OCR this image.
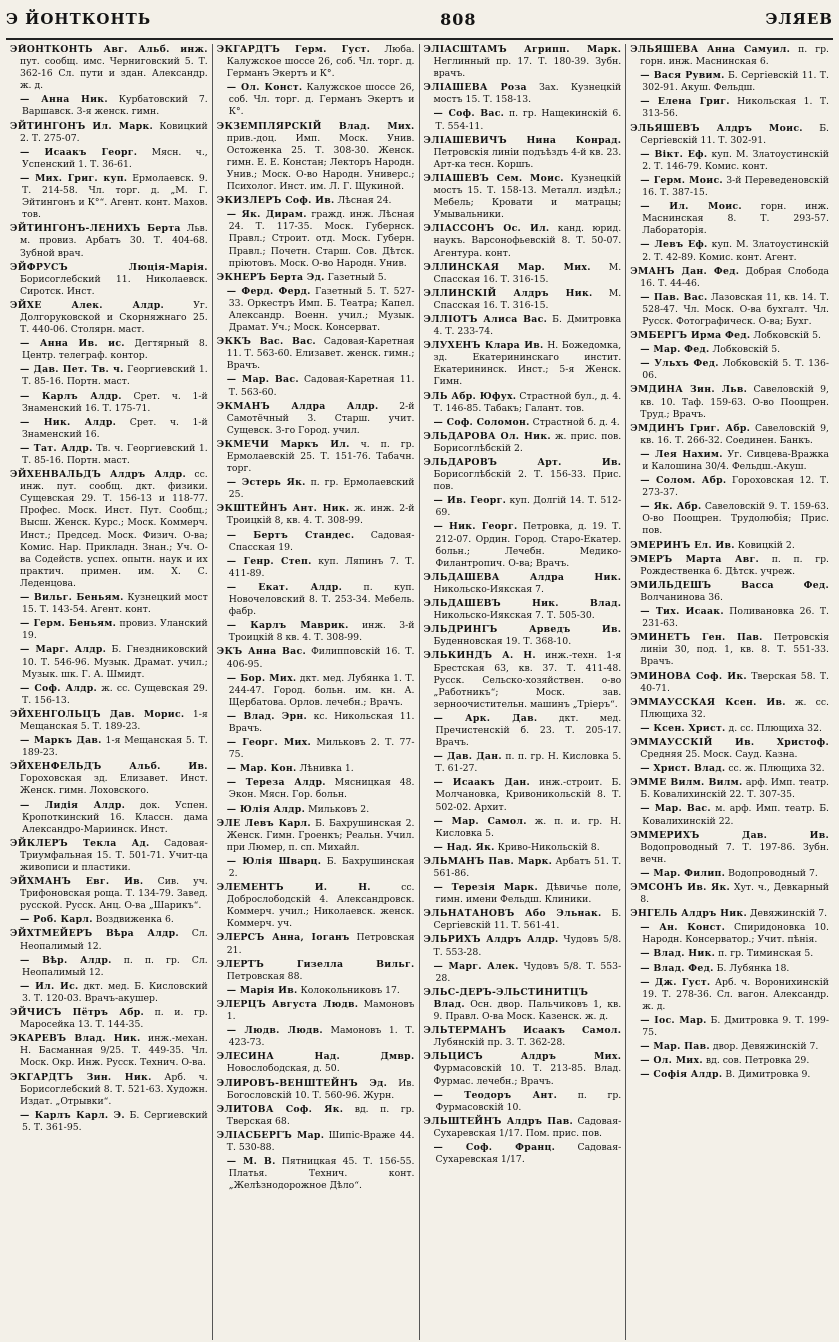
Э ЙОНТКОНТЬ	808	ЭЛЯЕВ

ЭЙОНТКОНТЬ Авг. Альб. инж. пут. сообщ. имс. Черниговский 5. Т. 362-16 Сл. пути и здан. Александр. ж. д.

— Анна Ник. Курбатовский 7. Варшавск. 3-я женск. гимн.

ЭЙТИНГОНЪ Ил. Марк. Ковицкий 2. Т. 275-07.

— Исаакъ Георг. Мясн. ч., Успенский 1. Т. 36-61.

— Мих. Григ. куп. Ермолаевск. 9. Т. 214-58. Чл. торг. д. „М. Г. Эйтингонъ и К°“. Агент. конт. Махов. тов.

ЭЙТИНГОНЪ-ЛЕНИХЪ Берта Льв. м. провиз. Арбатъ 30. Т. 404-68. Зубной врач.

ЭЙФРУСЪ Люція-Марія. Борисоглебский 11. Николаевск. Сиротск. Инст.

ЭЙХЕ Алек. Алдр.	Уг. Долгоруковской и Скорняжнаго 25. Т. 440-06. Столярн. маст.

— Анна Ив. ис. Дегтярный 8. Центр. телеграф. контор.

— Дав. Пет. Тв. ч. Георгиевский 1. Т. 85-16. Портн. маст.

— Карлъ Алдр. Срет. ч. 1-й Знаменский 16. Т. 175-71.

— Ник. Алдр. Срет. ч. 1-й Знаменский 16.

— Тат. Алдр. Тв. ч. Георгиевский 1. Т. 85-16. Портн. маст.

ЭЙХЕНВАЛЬДЪ Алдръ Алдр. сс. инж. пут. сообщ. дкт. физики. Сущевская 29. Т. 156-13 и 118-77. Профес. Моск. Инст. Пут. Сообщ.; Высш. Женск. Курс.; Моск. Коммерч. Инст.; Председ. Моск. Физич. О-ва; Комис. Нар. Прикладн. Знан.; Уч. О-ва Содейств. успех. опытн. наук и их практич. примен. им. Х. С. Леденцова.

— Вильг. Беньям. Кузнецкий мост 15. Т. 143-54. Агент. конт.

— Герм. Беньям. провиз. Уланский 19.

— Марг. Алдр. Б. Гнездниковский 10. Т. 546-96. Музык. Драмат. учил.; Музык. шк. Г. А. Шмидт.

— Соф. Алдр. ж. сс. Сущевская 29. Т. 156-13.

ЭЙХЕНГОЛЬЦЪ Дав. Морис. 1-я Мещанская 5. Т. 189-23.

— Маркъ Дав. 1-я Мещанская 5. Т. 189-23.

ЭЙХЕНФЕЛЬДЪ Альб. Ив. Гороховская зд. Елизавет. Инст. Женск. гимн. Лоховского.

— Лидія Алдр. док. Успен. Кропоткинский 16. Классн. дама Александро-Мариинск. Инст.

ЭЙКЛЕРЪ Текла Ад. Садовая-Триумфальная 15. Т. 501-71. Учит-ца живописи и пластики.

ЭЙХМАНЪ Евг. Ив. Сив. уч. Трифоновская роща. Т. 134-79. Завед. русской. Русск. Анц. О-ва „Шарикъ“.

— Роб. Карл. Воздвиженка 6.

ЭЙХТМЕЙЕРЪ Вѣра Алдр. Сл. Неопалимый 12.

— Вѣр. Алдр. п. п. гр. Сл. Неопалимый 12.

— Ил. Ис. дкт. мед. Б. Кисловский 3. Т. 120-03. Врачъ-акушер.

ЭЙЧИСЪ Пётръ Абр. п. и. гр. Маросейка 13. Т. 144-35.

ЭКАРЕВЪ Влад. Ник. инж.-механ. Н. Басманная 9/25. Т. 449-35. Чл. Моск. Окр. Инж. Русск. Технич. О-ва.

ЭКГАРДТЪ Зин. Ник. Арб. ч. Борисоглебский 8. Т. 521-63. Художн. Издат. „Отрывки“.

— Карлъ Карл. Э. Б. Сергиевский 5. Т. 361-95.

ЭКГАРДТЪ Герм. Густ. Люба. Калужское шоссе 26, соб. Чл. торг. д. Германъ Экертъ и К°.

— Ол. Конст. Калужское шоссе 26, соб. Чл. торг. д. Германъ Экертъ и К°.

ЭКЗЕМПЛЯРСКІЙ Влад. Мих. прив.-доц. Имп. Моск. Унив. Остоженка 25. Т. 308-30. Женск. гимн. Е. Е. Констан; Лекторъ Народн. Унив.; Моск. О-во Народн. Универс.; Психолог. Инст. им. Л. Г. Щукиной.

ЭКИЗЛЕРЪ Соф. Ив. Лѣсная 24.

— Як. Дирам. гражд. инж. Лѣсная 24. Т. 117-35. Моск. Губернск. Правл.; Строит. отд. Моск. Губерн. Правл.; Почетн. Старш. Сов. Дѣтск. пріютовъ. Моск. О-во Народн. Унив.

ЭКНЕРЪ Берта Эд. Газетный 5.

— Ферд. Ферд. Газетный 5. Т. 527-33. Оркестръ Имп. Б. Театра; Капел. Александр. Военн. учил.; Музык. Драмат. Уч.; Моск. Консерват.

ЭККЪ Вас. Вас. Садовая-Каретная 11. Т. 563-60. Елизавет. женск. гимн.; Врачъ.

— Мар. Вас. Садовая-Каретная 11. Т. 563-60.

ЭКМАНЪ Алдра Алдр. 2-й Самотёчный 3. Старш. учит. Сущевск. 3-го Город. учил.

ЭКМЕЧИ Маркъ Ил. ч. п. гр. Ермолаевскій 25. Т. 151-76. Табачн. торг.

— Эстерь Як. п. гр. Ермолаевский 25.

ЭКШТЕЙНЪ Ант. Ник. ж. инж. 2-й Троицкій 8, кв. 4. Т. 308-99.

— Бертъ Стандес. Садовая-Спасская 19.

— Генр. Степ. куп. Ляпинъ 7. Т. 411-89.

— Екат. Алдр. п. куп. Новочеловский 8. Т. 253-34. Мебель. фабр.

— Карлъ Маврик. инж. 3-й Троицкій 8 кв. 4. Т. 308-99.

ЭКЪ Анна Вас. Филипповскій 16. Т. 406-95.

— Бор. Мих. дкт. мед. Лубянка 1. Т. 244-47. Город. больн. им. кн. А. Щербатова. Орлов. лечебн.; Врачъ.

— Влад. Эрн. кс. Никольская 11. Врачъ.

— Георг. Мих. Мильковъ 2. Т. 77-75.

— Мар. Кон. Лѣнивка 1.

— Тереза Алдр. Мясницкая 48. Экон. Мясн. Гор. больн.

— Юлія Алдр. Мильковъ 2.

ЭЛЕ Левъ Карл. Б. Бахрушинская 2. Женск. Гимн. Гроенкъ; Реальн. Учил. при Люмер, п. сп. Михайл.

— Юлія Шварц. Б. Бахрушинская 2.

ЭЛЕМЕНТЪ И. Н.	сс. Доброслободскій 4. Александровск. Коммерч. учил.; Николаевск. женск. Коммерч. уч.

ЭЛЕРСЪ Анна, Іоганъ Петровская 21.

ЭЛЕРТЪ Гизелла Вильг. Петровская 88.

— Марія Ив. Колокольниковъ 17.

ЭЛЕРЦЪ Августа Людв. Мамоновъ 1.

— Людв. Людв. Мамоновъ 1. Т. 423-73.

ЭЛЕСИНА Над. Дмвр. Новослободская, д. 50.

ЭЛИРОВЪ-ВЕНШТЕЙНЪ Эд. Ив. Богословскій 10. Т. 560-96. Журн.

ЭЛИТОВА Соф. Як. вд. п. гр. Тверская 68.

ЭЛІАСБЕРГЪ Мар. Шипіс-Враже 44. Т. 530-88.

— М. В. Пятницкая 45. Т. 156-55. Платья. Технич. конт. „Желѣзнодорожное Дѣло“.

ЭЛІАСШТАМЪ Агрипп. Марк. Неглинный пр. 17. Т. 180-39. Зубн. врачъ.

ЭЛІАШЕВА Роза Зах. Кузнецкій мостъ 15. Т. 158-13.

— Соф. Вас. п. гр. Нащекинскій 6. Т. 554-11.

ЭЛІАШЕВИЧЪ Нина Конрад. Петровскія линіи подъѣздъ 4-й кв. 23. Арт-ка тесн. Коршъ.

ЭЛІАШЕВЪ Сем. Моис. Кузнецкій мостъ 15. Т. 158-13. Металл. издѣл.; Мебель; Кровати и матрацы; Умывальники.

ЭЛІАССОНЪ Ос. Ил. канд. юрид. наукъ. Варсонофьевскій 8. Т. 50-07. Агентура. конт.

ЭЛЛИНСКАЯ Мар. Мих. М. Спасская 16. Т. 316-15.

ЭЛЛИНСКІЙ Алдръ Ник. М. Спасская 16. Т. 316-15.

ЭЛЛІОТЪ Алиса Вас. Б. Дмитровка 4. Т. 233-74.

ЭЛУХЕНЪ Клара Ив. Н. Божедомка, зд. Екатерининскаго инстит. Екатерининск. Инст.; 5-я Женск. Гимн.

ЭЛЬ Абр. Юфух. Страстной бул., д. 4. Т. 146-85. Табакъ; Галант. тов.

— Соф. Соломон. Страстной б. д. 4.

ЭЛЬДАРОВА Ол. Ник. ж. прис. пов. Борисоглѣбскій 2.

ЭЛЬДАРОВЪ Арт. Ив. Борисоглѣбскій 2. Т. 156-33. Прис. пов.

— Ив. Георг. куп. Долгій 14. Т. 512-69.

— Ник. Георг. Петровка, д. 19. Т. 212-07. Ордин. Город. Старо-Екатер. больн.; Лечебн. Медико-Филантропич. О-ва; Врачъ.

ЭЛЬДАШЕВА Алдра Ник. Никольско-Иякская 7.

ЭЛЬДАШЕВЪ Ник. Влад. Никольско-Иякская 7. Т. 505-30.

ЭЛЬДРИНГЪ Арведъ Ив. Буденновская 19. Т. 368-10.

ЭЛЬКИНДЪ А. Н. инж.-техн. 1-я Брестская 63, кв. 37. Т. 411-48. Русск. Сельско-хозяйствен. о-во „Работникъ“; Моск. зав. зерноочистительн. машинъ „Тріеръ“.

— Арк. Дав. дкт. мед. Пречистенскій б. 23. Т. 205-17. Врачъ.

— Дав. Дан. п. п. гр. Н. Кисловка 5. Т. 61-27.

— Исаакъ Дан. инж.-строит. Б. Молчановка, Кривоникольскій 8. Т. 502-02. Архит.

— Мар. Самол. ж. п. и. гр. Н. Кисловка 5.

— Над. Як. Криво-Никольскій 8.

ЭЛЬМАНЪ Пав. Марк. Арбатъ 51. Т. 561-86.

— Терезія Марк. Дѣвичье поле, гимн. имени Фельдш. Клиники.

ЭЛЬНАТАНОВЪ Або Эльнак. Б. Сергіевскій 11. Т. 561-41.

ЭЛЬРИХЪ Алдръ Алдр. Чудовъ 5/8. Т. 553-28.

— Марг. Алек. Чудовъ 5/8. Т. 553-28.

ЭЛЬС-ДЕРЪ-ЭЛЬСТИНИТЦЪ Влад. Осн. двор. Пальчиковъ 1, кв. 9. Правл. О-ва Моск. Казенск. ж. д.

ЭЛЬТЕРМАНЪ Исаакъ Самол. Лубянскій пр. 3. Т. 362-28.

ЭЛЬЦИСЪ Алдръ Мих. Фурмасовскій 10. Т. 213-85. Влад. Фурмас. лечебн.; Врачъ.

— Теодоръ Ант. п. гр. Фурмасовскій 10.

ЭЛЬШТЕЙНЪ Алдръ Пав. Садовая-Сухаревская 1/17. Пом. прис. пов.

— Соф. Франц. Садовая-Сухаревская 1/17.

ЭЛЬЯШЕВА Анна Самуил. п. гр. горн. инж. Маснинская 6.

— Вася Рувим. Б. Сергіевскій 11. Т. 302-91. Акуш. Фельдш.

— Елена Григ. Никольская 1. Т. 313-56.

ЭЛЬЯШЕВЪ Алдръ Моис. Б. Сергіевскій 11. Т. 302-91.

— Вікт. Еф. куп. М. Златоустинскій 2. Т. 146-79. Комис. конт.

— Герм. Моис. 3-й Переведеновскій 16. Т. 387-15.

— Ил. Моис. горн. инж. Маснинская 8. Т. 293-57. Лабораторія.

— Левъ Еф. куп. М. Златоустинскій 2. Т. 42-89. Комис. конт. Агент.

ЭМАНЪ Дан. Фед. Добрая Слобода 16. Т. 44-46.

— Пав. Вас. Лазовская 11, кв. 14. Т. 528-47. Чл. Моск. О-ва бухгалт. Чл. Русск. Фотографическ. О-ва; Бухг.

ЭМБЕРГЪ Ирма Фед. Лобковскій 5.

— Мар. Фед. Лобковскій 5.

— Ульхъ Фед. Лобковскій 5. Т. 136-06.

ЭМДИНА Зин. Льв. Савеловскій 9, кв. 10. Таф. 159-63. О-во Поощрен. Труд.; Врачъ.

ЭМДИНЪ Григ. Абр. Савеловскій 9, кв. 16. Т. 266-32. Соединен. Банкъ.

— Лея Нахим. Уг. Сивцева-Вражка и Калошина 30/4. Фельдш.-Акуш.

— Солом. Абр. Гороховская 12. Т. 273-37.

— Як. Абр. Савеловскій 9. Т. 159-63. О-во Поощрен. Трудолюбія; Прис. пов.

ЭМЕРИНЪ Ел. Ив. Ковицкій 2.

ЭМЕРЪ Марта Авг. п. п. гр. Рождественка 6. Дѣтск. учреж.

ЭМИЛЬДЕШЪ Васса Фед. Волчанинова 36.

— Тих. Исаак. Поливановка 26. Т. 231-63.

ЭМИНЕТЪ Ген. Пав. Петровскія линіи 30, под. 1, кв. 8. Т. 551-33. Врачъ.

ЭМИНОВА Соф. Ик. Тверская 58. Т. 40-71.

ЭММАУССКАЯ Ксен. Ив. ж. сс. Плющиха 32.

— Ксен. Христ. д. сс. Плющиха 32.

ЭММАУССКІЙ Ив. Христоф. Средняя 25. Моск. Сауд. Казна.

— Христ. Влад. сс. ж. Плющиха 32.

ЭММЕ Вилм. Вилм. арф. Имп. театр. Б. Ковалихинскій 22. Т. 307-35.

— Мар. Вас. м. арф. Имп. театр. Б. Ковалихинскій 22.

ЭММЕРИХЪ Дав. Ив. Водопроводный 7. Т. 197-86. Зубн. вечн.

— Мар. Филип. Водопроводный 7.

ЭМСОНЪ Ив. Як. Хут. ч., Девкарный 8.

ЭНГЕЛЬ Алдръ Ник. Девяжинскій 7.

— Ан. Конст. Спиридоновка 10. Народн. Консерватор.; Учит. пѣнія.

— Влад. Ник. п. гр. Тиминская 5.

— Влад. Фед. Б. Лубянка 18.

— Дж. Густ. Арб. ч. Воронихинскій 19. Т. 278-36. Сл. вагон. Александр. ж. д.

— Іос. Мар. Б. Дмитровка 9. Т. 199-75.

— Мар. Пав. двор. Девяжинскій 7.

— Ол. Мих. вд. сов. Петровка 29.

— Софія Алдр. В. Димитровка 9.
